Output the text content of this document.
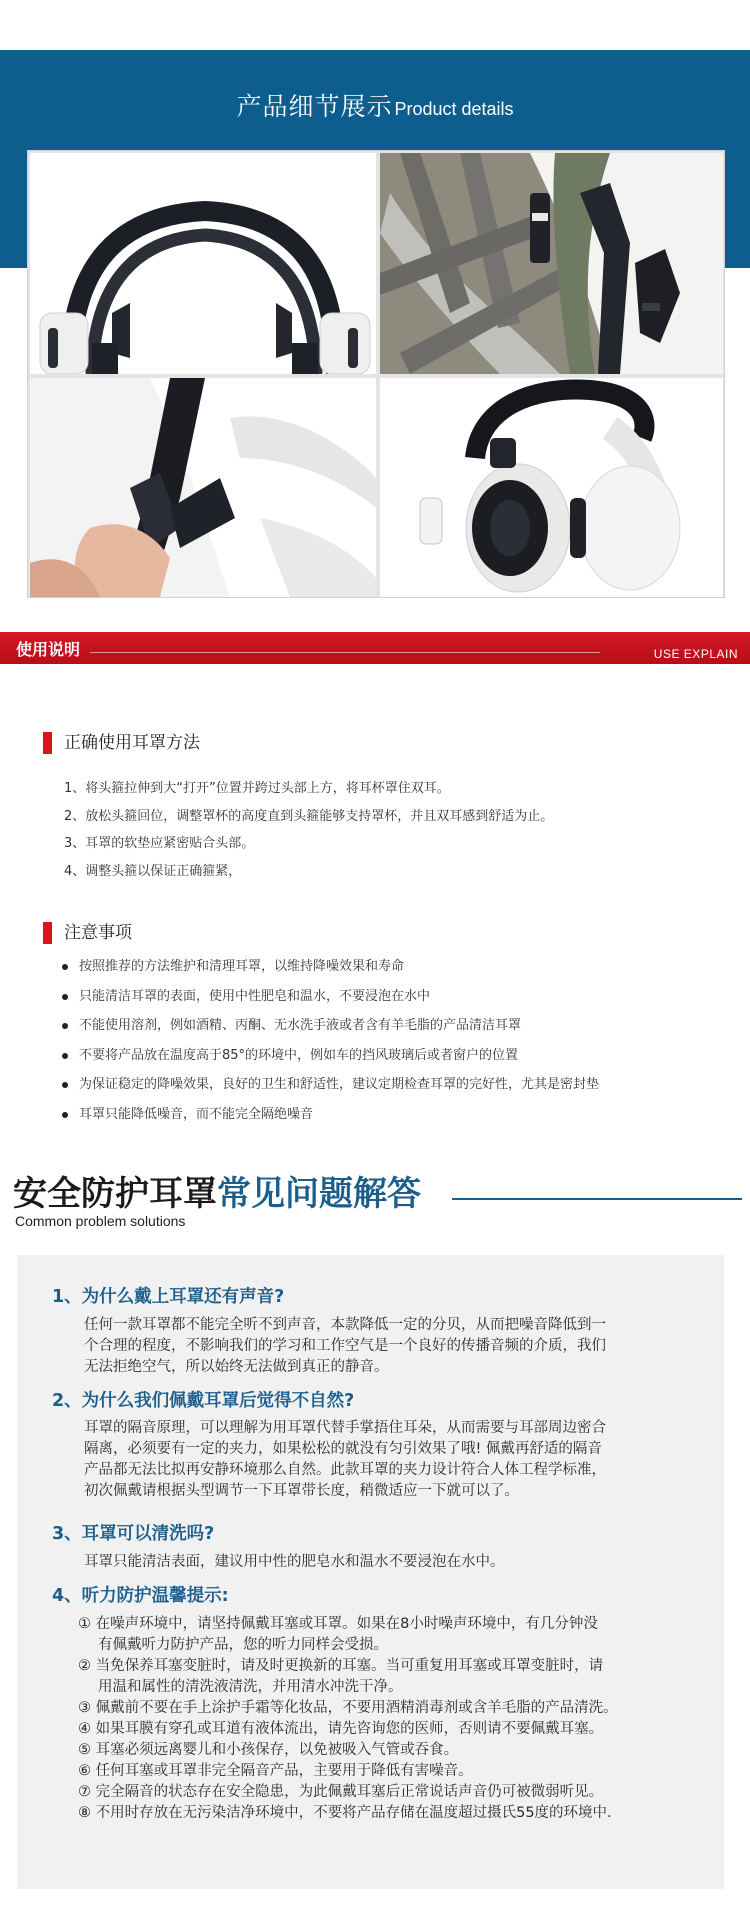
产品细节展示 Product details
使用说明	USE EXPLAIN
正确使用耳罩方法
1、将头箍拉伸到大“打开”位置并跨过头部上方，将耳杯罩住双耳。
2、放松头箍回位，调整罩杯的高度直到头箍能够支持罩杯，并且双耳感到舒适为止。
3、耳罩的软垫应紧密贴合头部。
4、调整头箍以保证正确箍紧，
注意事项
按照推荐的方法维护和清理耳罩，以维持降噪效果和寿命
只能清洁耳罩的表面，使用中性肥皂和温水，不要浸泡在水中
不能使用溶剂，例如酒精、丙酮、无水洗手液或者含有羊毛脂的产品清洁耳罩
不要将产品放在温度高于85°的环境中，例如车的挡风玻璃后或者窗户的位置
为保证稳定的降噪效果，良好的卫生和舒适性，建议定期检查耳罩的完好性，尤其是密封垫
耳罩只能降低噪音，而不能完全隔绝噪音
安全防护耳罩常见问题解答
Common problem solutions
1、为什么戴上耳罩还有声音?
任何一款耳罩都不能完全听不到声音，本款降低一定的分贝，从而把噪音降低到一
个合理的程度，不影响我们的学习和工作空气是一个良好的传播音频的介质，我们
无法拒绝空气，所以始终无法做到真正的静音。
2、为什么我们佩戴耳罩后觉得不自然?
耳罩的隔音原理，可以理解为用耳罩代替手掌捂住耳朵，从而需要与耳部周边密合
隔离，必须要有一定的夹力，如果松松的就没有匀引效果了哦! 佩戴再舒适的隔音
产品都无法比拟再安静环境那么自然。此款耳罩的夹力设计符合人体工程学标准，
初次佩戴请根据头型调节一下耳罩带长度，稍微适应一下就可以了。
3、耳罩可以清洗吗?
耳罩只能清洁表面，建议用中性的肥皂水和温水不要浸泡在水中。
4、听力防护温馨提示:
① 在噪声环境中，请坚持佩戴耳塞或耳罩。如果在8小时噪声环境中，有几分钟没
有佩戴听力防护产品，您的听力同样会受损。
② 当免保养耳塞变脏时，请及时更换新的耳塞。当可重复用耳塞或耳罩变脏时，请
用温和属性的清洗液清洗，并用清水冲洗干净。
③ 佩戴前不要在手上涂护手霜等化妆品，不要用酒精消毒剂或含羊毛脂的产品清洗。
④ 如果耳膜有穿孔或耳道有液体流出，请先咨询您的医师，否则请不要佩戴耳塞。
⑤ 耳塞必须远离婴儿和小孩保存，以免被吸入气管或吞食。
⑥ 任何耳塞或耳罩非完全隔音产品，主要用于降低有害噪音。
⑦ 完全隔音的状态存在安全隐患，为此佩戴耳塞后正常说话声音仍可被微弱听见。
⑧ 不用时存放在无污染洁净环境中，不要将产品存储在温度超过摄氏55度的环境中.
